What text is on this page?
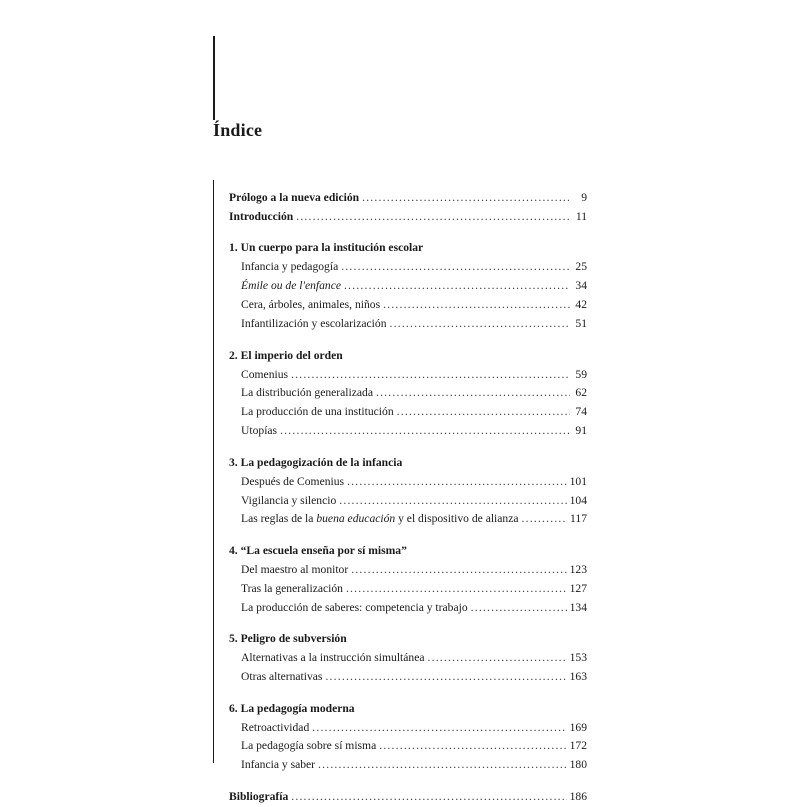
Índice
Prólogo a la nueva edición .....	9
Introducción .....	11
1. Un cuerpo para la institución escolar
Infancia y pedagogía .....	25
Émile ou de l'enfance .....	34
Cera, árboles, animales, niños .....	42
Infantilización y escolarización .....	51
2. El imperio del orden
Comenius .....	59
La distribución generalizada .....	62
La producción de una institución .....	74
Utopías .....	91
3. La pedagogización de la infancia
Después de Comenius .....	101
Vigilancia y silencio .....	104
Las reglas de la buena educación y el dispositivo de alianza .....	117
4. “La escuela enseña por sí misma”
Del maestro al monitor .....	123
Tras la generalización .....	127
La producción de saberes: competencia y trabajo .....	134
5. Peligro de subversión
Alternativas a la instrucción simultánea .....	153
Otras alternativas .....	163
6. La pedagogía moderna
Retroactividad .....	169
La pedagogía sobre sí misma .....	172
Infancia y saber .....	180
Bibliografía .....	186
